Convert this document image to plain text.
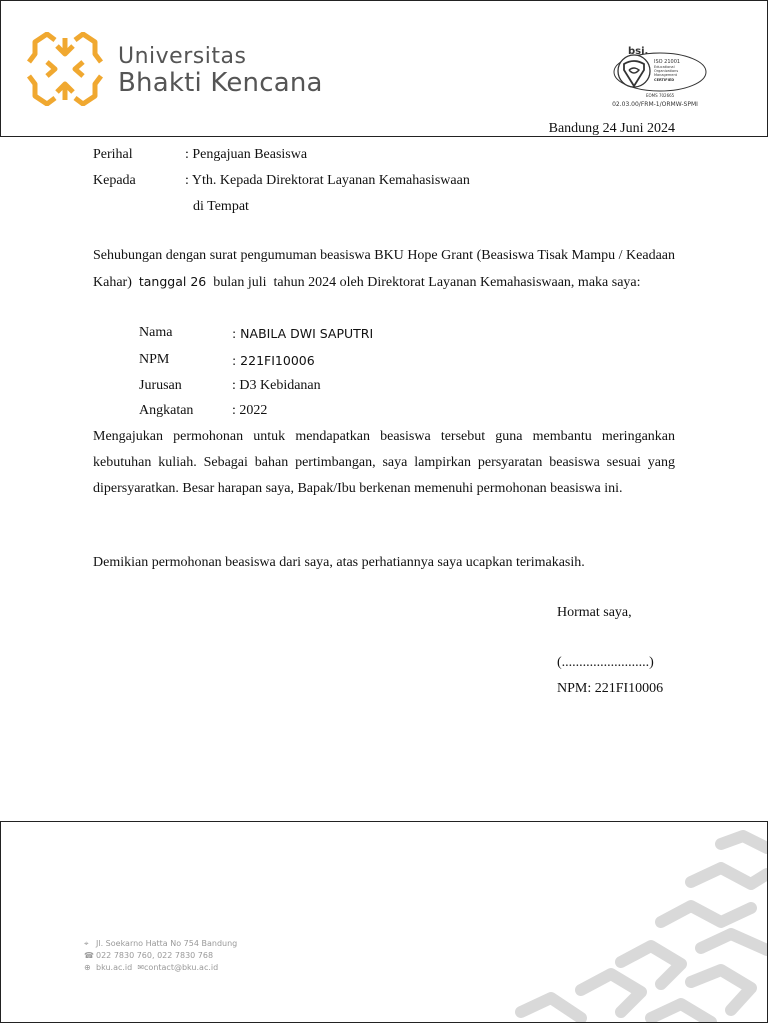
Universitas
Bhakti Kencana
bsi.
ISO 21001
Educational
Organizations
Management
CERTIFIED
EOMS 702665
02.03.00/FRM-1/ORMW-SPMI
Bandung 24 Juni 2024
Perihal	: Pengajuan Beasiswa
Kepada	: Yth. Kepada Direktorat Layanan Kemahasiswaan
di Tempat
Sehubungan dengan surat pengumuman beasiswa BKU Hope Grant (Beasiswa Tisak Mampu / Keadaan Kahar) tanggal 26 bulan juli tahun 2024 oleh Direktorat Layanan Kemahasiswaan, maka saya:
Nama	: NABILA DWI SAPUTRI
NPM	: 221FI10006
Jurusan	: D3 Kebidanan
Angkatan	: 2022
Mengajukan permohonan untuk mendapatkan beasiswa tersebut guna membantu meringankan kebutuhan kuliah. Sebagai bahan pertimbangan, saya lampirkan persyaratan beasiswa sesuai yang dipersyaratkan. Besar harapan saya, Bapak/Ibu berkenan memenuhi permohonan beasiswa ini.
Demikian permohonan beasiswa dari saya, atas perhatiannya saya ucapkan terimakasih.
Hormat saya,
(.........................)
NPM: 221FI10006
⌖ Jl. Soekarno Hatta No 754 Bandung
☎ 022 7830 760, 022 7830 768
⊕ bku.ac.id ✉contact@bku.ac.id
